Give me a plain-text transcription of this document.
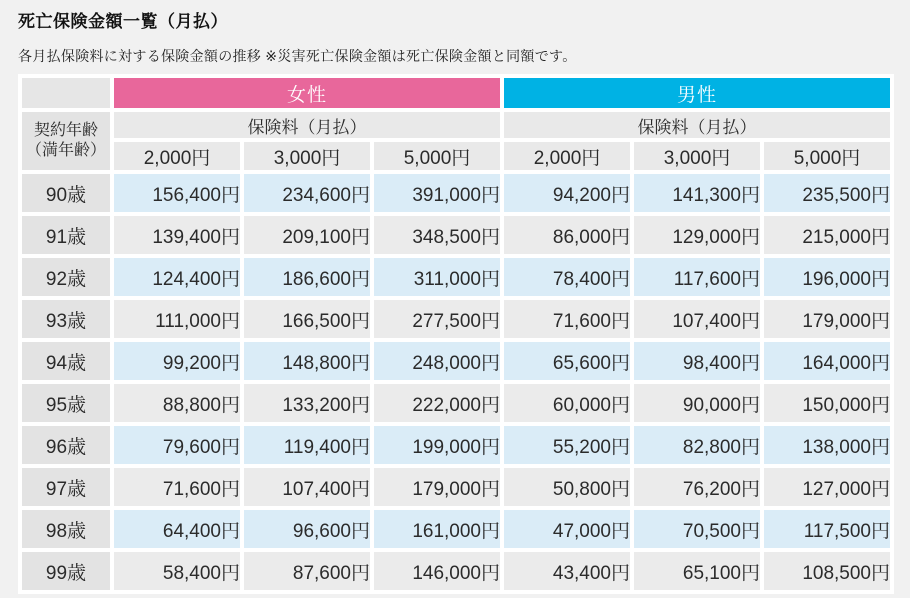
死亡保険金額一覧（月払）

各月払保険料に対する保険金額の推移 ※災害死亡保険金額は死亡保険金額と同額です。

	女性			男性		
契約年齢
（満年齢）	保険料（月払）			保険料（月払）		
	2,000円	3,000円	5,000円	2,000円	3,000円	5,000円
90歳	156,400円	234,600円	391,000円	94,200円	141,300円	235,500円
91歳	139,400円	209,100円	348,500円	86,000円	129,000円	215,000円
92歳	124,400円	186,600円	311,000円	78,400円	117,600円	196,000円
93歳	111,000円	166,500円	277,500円	71,600円	107,400円	179,000円
94歳	99,200円	148,800円	248,000円	65,600円	98,400円	164,000円
95歳	88,800円	133,200円	222,000円	60,000円	90,000円	150,000円
96歳	79,600円	119,400円	199,000円	55,200円	82,800円	138,000円
97歳	71,600円	107,400円	179,000円	50,800円	76,200円	127,000円
98歳	64,400円	96,600円	161,000円	47,000円	70,500円	117,500円
99歳	58,400円	87,600円	146,000円	43,400円	65,100円	108,500円
